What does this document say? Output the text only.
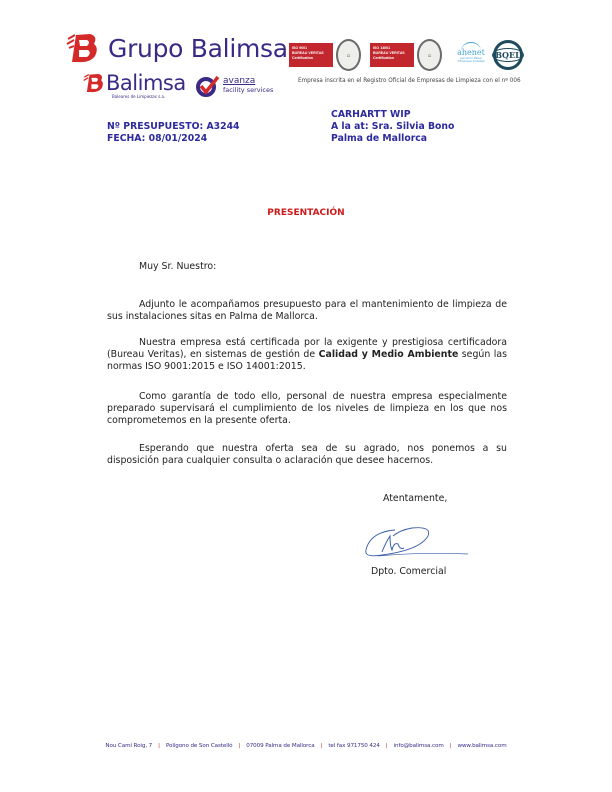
Grupo Balimsa
Balimsa
Baleares de Limpiezas s.a.
avanza
facility services
ISO 9001
BUREAU VERITAS
Certification
⚖
ISO 14001
BUREAU VERITAS
Certification
⚖	ahenet
Asociación Balear d'Empreses de Neteja
BQEL
Empresa inscrita en el Registro Oficial de Empresas de Limpieza con el nº 006
Nº PRESUPUESTO: A3244
FECHA: 08/01/2024
CARHARTT WIP
A la at: Sra. Silvia Bono
Palma de Mallorca
PRESENTACIÓN
Muy Sr. Nuestro:
Adjunto le acompañamos presupuesto para el mantenimiento de limpieza de sus instalaciones sitas en Palma de Mallorca.
Nuestra empresa está certificada por la exigente y prestigiosa certificadora (Bureau Veritas), en sistemas de gestión de Calidad y Medio Ambiente según las normas ISO 9001:2015 e ISO 14001:2015.
Como garantía de todo ello, personal de nuestra empresa especialmente preparado supervisará el cumplimiento de los niveles de limpieza en los que nos comprometemos en la presente oferta.
Esperando que nuestra oferta sea de su agrado, nos ponemos a su disposición para cualquier consulta o aclaración que desee hacernos.
Atentamente,
Dpto. Comercial
Nou Camí Roig, 7 | Polígono de Son Castelló | 07009 Palma de Mallorca | tel fax 971750 424 | info@balimsa.com | www.balimsa.com
